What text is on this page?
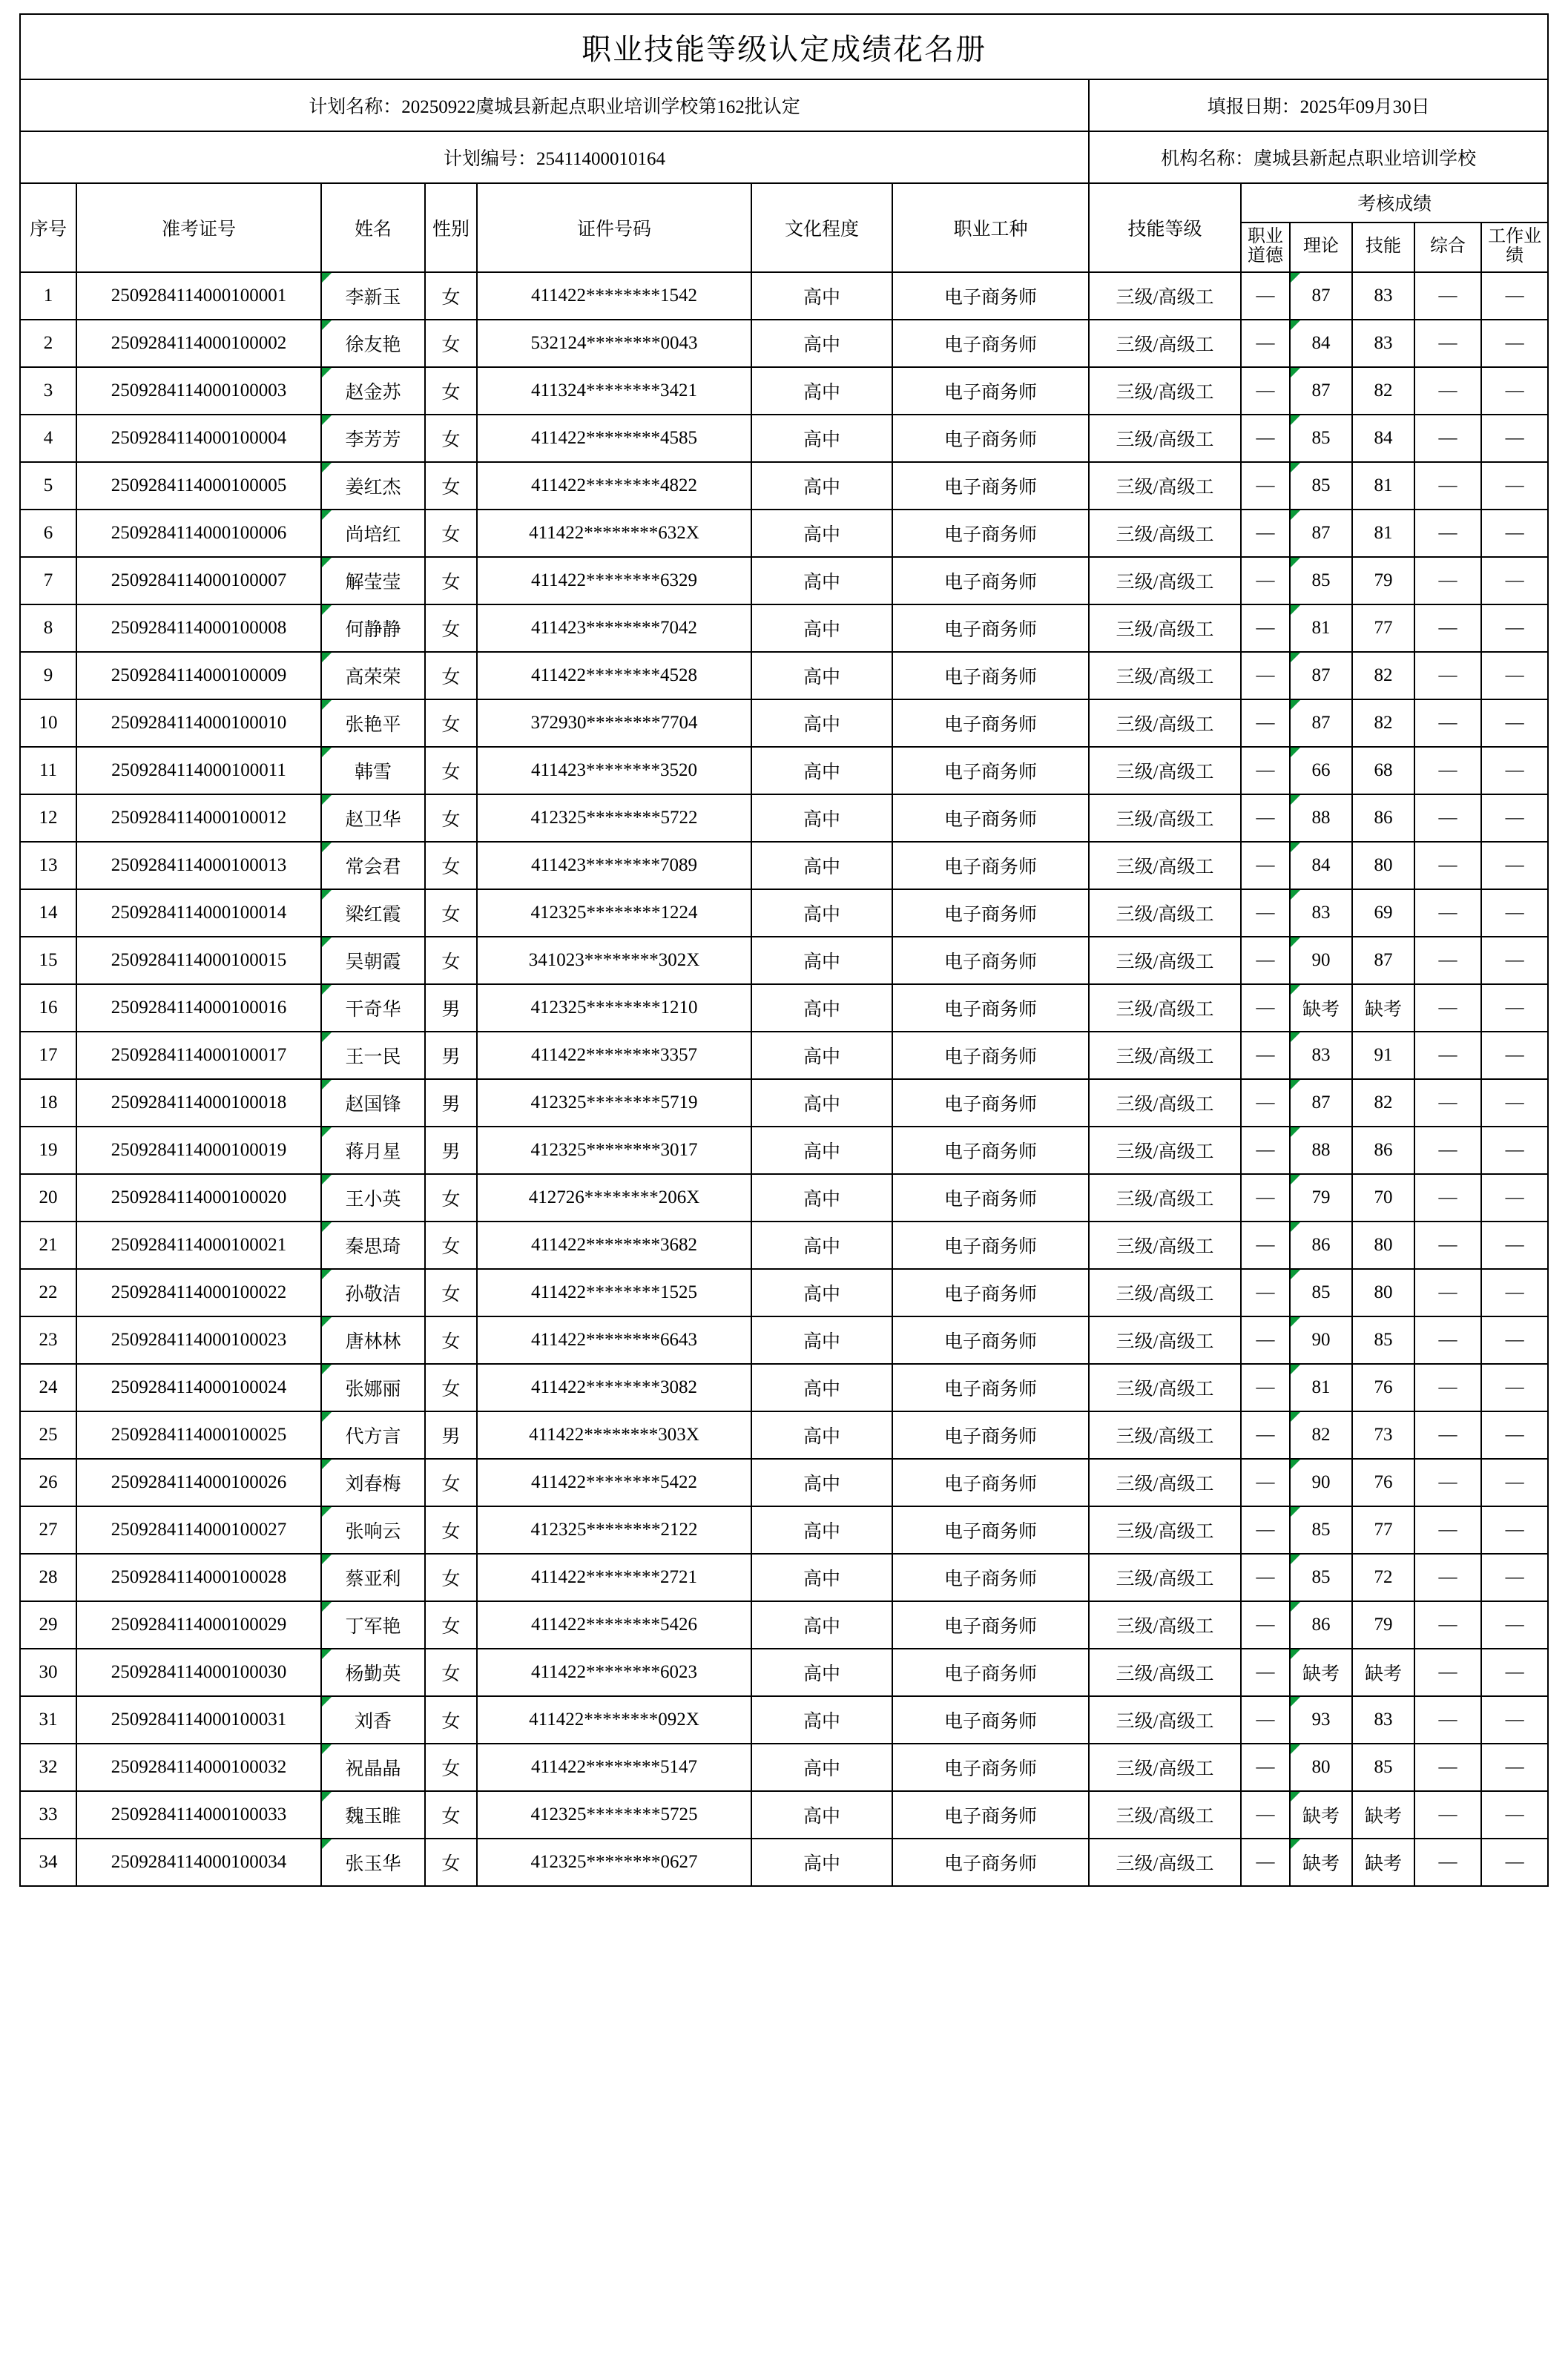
职业技能等级认定成绩花名册												
计划名称：20250922虞城县新起点职业培训学校第162批认定							填报日期：2025年09月30日					
计划编号：25411400010164							机构名称：虞城县新起点职业培训学校					
序号	准考证号	姓名	性别	证件号码	文化程度	职业工种	技能等级	考核成绩				
								职业道德	理论	技能	综合	工作业绩
1	2509284114000100001	李新玉	女	411422********1542	高中	电子商务师	三级/高级工	—	87	83	—	—
2	2509284114000100002	徐友艳	女	532124********0043	高中	电子商务师	三级/高级工	—	84	83	—	—
3	2509284114000100003	赵金苏	女	411324********3421	高中	电子商务师	三级/高级工	—	87	82	—	—
4	2509284114000100004	李芳芳	女	411422********4585	高中	电子商务师	三级/高级工	—	85	84	—	—
5	2509284114000100005	姜红杰	女	411422********4822	高中	电子商务师	三级/高级工	—	85	81	—	—
6	2509284114000100006	尚培红	女	411422********632X	高中	电子商务师	三级/高级工	—	87	81	—	—
7	2509284114000100007	解莹莹	女	411422********6329	高中	电子商务师	三级/高级工	—	85	79	—	—
8	2509284114000100008	何静静	女	411423********7042	高中	电子商务师	三级/高级工	—	81	77	—	—
9	2509284114000100009	高荣荣	女	411422********4528	高中	电子商务师	三级/高级工	—	87	82	—	—
10	2509284114000100010	张艳平	女	372930********7704	高中	电子商务师	三级/高级工	—	87	82	—	—
11	2509284114000100011	韩雪	女	411423********3520	高中	电子商务师	三级/高级工	—	66	68	—	—
12	2509284114000100012	赵卫华	女	412325********5722	高中	电子商务师	三级/高级工	—	88	86	—	—
13	2509284114000100013	常会君	女	411423********7089	高中	电子商务师	三级/高级工	—	84	80	—	—
14	2509284114000100014	梁红霞	女	412325********1224	高中	电子商务师	三级/高级工	—	83	69	—	—
15	2509284114000100015	吴朝霞	女	341023********302X	高中	电子商务师	三级/高级工	—	90	87	—	—
16	2509284114000100016	干奇华	男	412325********1210	高中	电子商务师	三级/高级工	—	缺考	缺考	—	—
17	2509284114000100017	王一民	男	411422********3357	高中	电子商务师	三级/高级工	—	83	91	—	—
18	2509284114000100018	赵国锋	男	412325********5719	高中	电子商务师	三级/高级工	—	87	82	—	—
19	2509284114000100019	蒋月星	男	412325********3017	高中	电子商务师	三级/高级工	—	88	86	—	—
20	2509284114000100020	王小英	女	412726********206X	高中	电子商务师	三级/高级工	—	79	70	—	—
21	2509284114000100021	秦思琦	女	411422********3682	高中	电子商务师	三级/高级工	—	86	80	—	—
22	2509284114000100022	孙敬洁	女	411422********1525	高中	电子商务师	三级/高级工	—	85	80	—	—
23	2509284114000100023	唐林林	女	411422********6643	高中	电子商务师	三级/高级工	—	90	85	—	—
24	2509284114000100024	张娜丽	女	411422********3082	高中	电子商务师	三级/高级工	—	81	76	—	—
25	2509284114000100025	代方言	男	411422********303X	高中	电子商务师	三级/高级工	—	82	73	—	—
26	2509284114000100026	刘春梅	女	411422********5422	高中	电子商务师	三级/高级工	—	90	76	—	—
27	2509284114000100027	张响云	女	412325********2122	高中	电子商务师	三级/高级工	—	85	77	—	—
28	2509284114000100028	蔡亚利	女	411422********2721	高中	电子商务师	三级/高级工	—	85	72	—	—
29	2509284114000100029	丁军艳	女	411422********5426	高中	电子商务师	三级/高级工	—	86	79	—	—
30	2509284114000100030	杨勤英	女	411422********6023	高中	电子商务师	三级/高级工	—	缺考	缺考	—	—
31	2509284114000100031	刘香	女	411422********092X	高中	电子商务师	三级/高级工	—	93	83	—	—
32	2509284114000100032	祝晶晶	女	411422********5147	高中	电子商务师	三级/高级工	—	80	85	—	—
33	2509284114000100033	魏玉睢	女	412325********5725	高中	电子商务师	三级/高级工	—	缺考	缺考	—	—
34	2509284114000100034	张玉华	女	412325********0627	高中	电子商务师	三级/高级工	—	缺考	缺考	—	—
